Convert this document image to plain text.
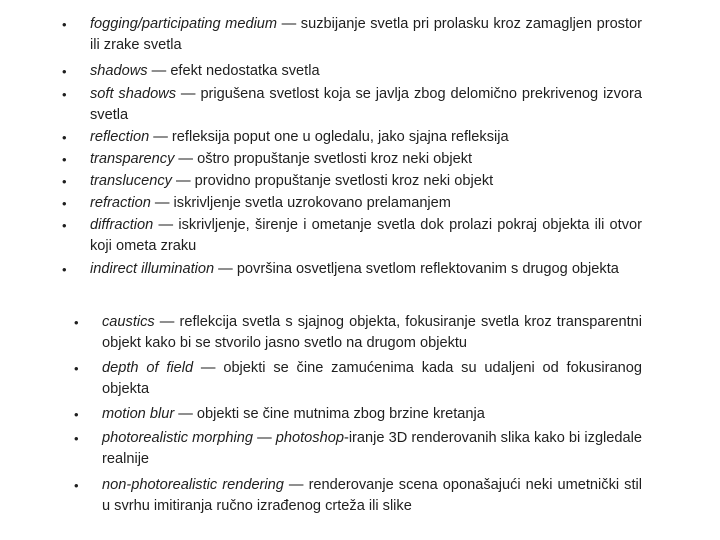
•	fogging/participating medium — suzbijanje svetla pri prolasku kroz zamagljen prostor ili zrake svetla
•	shadows — efekt nedostatka svetla
•	soft shadows — prigušena svetlost koja se javlja zbog delomično prekrivenog izvora svetla
•	reflection — refleksija poput one u ogledalu, jako sjajna refleksija
•	transparency — oštro propuštanje svetlosti kroz neki objekt
•	translucency — providno propuštanje svetlosti kroz neki objekt
•	refraction — iskrivljenje svetla uzrokovano prelamanjem
•	diffraction — iskrivljenje, širenje i ometanje svetla dok prolazi pokraj objekta ili otvor koji ometa zraku
•	indirect illumination — površina osvetljena svetlom reflektovanim s drugog objekta
•	caustics — reflekcija svetla s sjajnog objekta, fokusiranje svetla kroz transparentni objekt kako bi se stvorilo jasno svetlo na drugom objektu
•	depth of field — objekti se čine zamućenima kada su udaljeni od fokusiranog objekta
•	motion blur — objekti se čine mutnima zbog brzine kretanja
•	photorealistic morphing — photoshop-iranje 3D renderovanih slika kako bi izgledale realnije
•	non-photorealistic rendering — renderovanje scena oponašajući neki umetnički stil u svrhu imitiranja ručno izrađenog crteža ili slike
